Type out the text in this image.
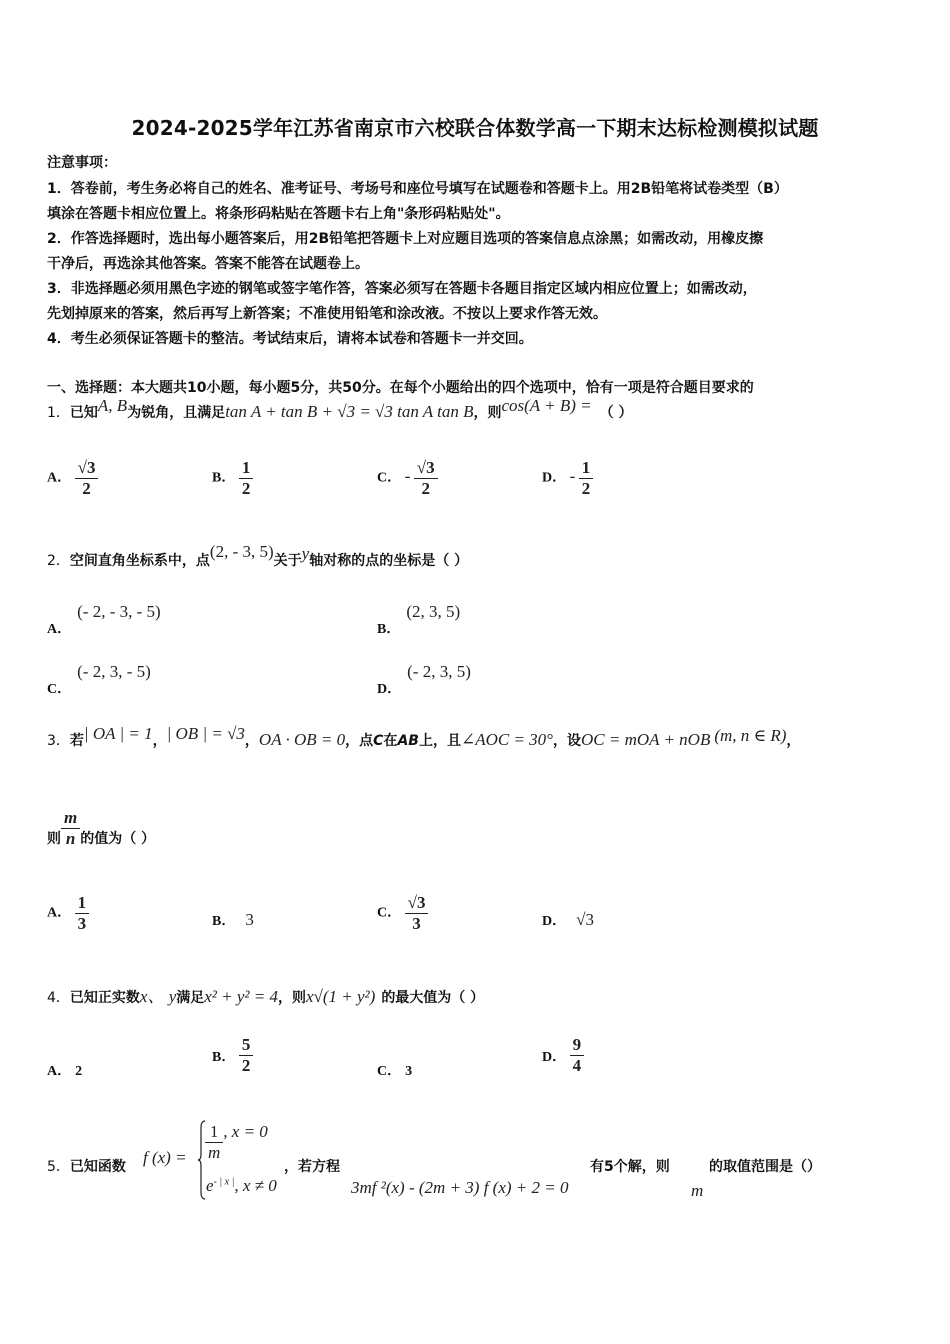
2024-2025学年江苏省南京市六校联合体数学高一下期末达标检测模拟试题
注意事项：
1．答卷前，考生务必将自己的姓名、准考证号、考场号和座位号填写在试题卷和答题卡上。用2B铅笔将试卷类型（B）
填涂在答题卡相应位置上。将条形码粘贴在答题卡右上角"条形码粘贴处"。
2．作答选择题时，选出每小题答案后，用2B铅笔把答题卡上对应题目选项的答案信息点涂黑；如需改动，用橡皮擦
干净后，再选涂其他答案。答案不能答在试题卷上。
3．非选择题必须用黑色字迹的钢笔或签字笔作答，答案必须写在答题卡各题目指定区域内相应位置上；如需改动，
先划掉原来的答案，然后再写上新答案；不准使用铅笔和涂改液。不按以上要求作答无效。
4．考生必须保证答题卡的整洁。考试结束后，请将本试卷和答题卡一并交回。
一、选择题：本大题共10小题，每小题5分，共50分。在每个小题给出的四个选项中，恰有一项是符合题目要求的
1．已知A, B为锐角，且满足tan A + tan B + √3 = √3 tan A tan B，则cos(A + B) = （ ）
A． $\frac{√3}{2}$	B． $\frac{1}{2}$	C． - $\frac{√3}{2}$	D． - $\frac{1}{2}$
2．空间直角坐标系中，点(2, - 3, 5)关于y轴对称的点的坐标是（ ）
A．(- 2, - 3, - 5)
B．(2, 3, 5)
C．(- 2, 3, - 5)
D．(- 2, 3, 5)
3．若| OA | = 1，| OB | = √3，OA · OB = 0，点C在AB上，且∠AOC = 30°，设OC = mOA + nOB (m, n ∈ R)，
则 $\frac{m}{n}$ 的值为（ ）
A． $\frac{1}{3}$	B． 3	C． $\frac{√3}{3}$	D． √3
4．已知正实数x、 y满足x² + y² = 4，则x√(1 + y²) 的最大值为（ ）
A． 2
B． $\frac{5}{2}$	C． 3
D． $\frac{9}{4}$
5．已知函数 f $(x) = \frac{1}{m}$ , x = 0
$e^{- | x |}$, x ≠ 0
，若方程
3mf ²(x) - (2m + 3) f (x) + 2 = 0
有5个解，则
m
的取值范围是（）
